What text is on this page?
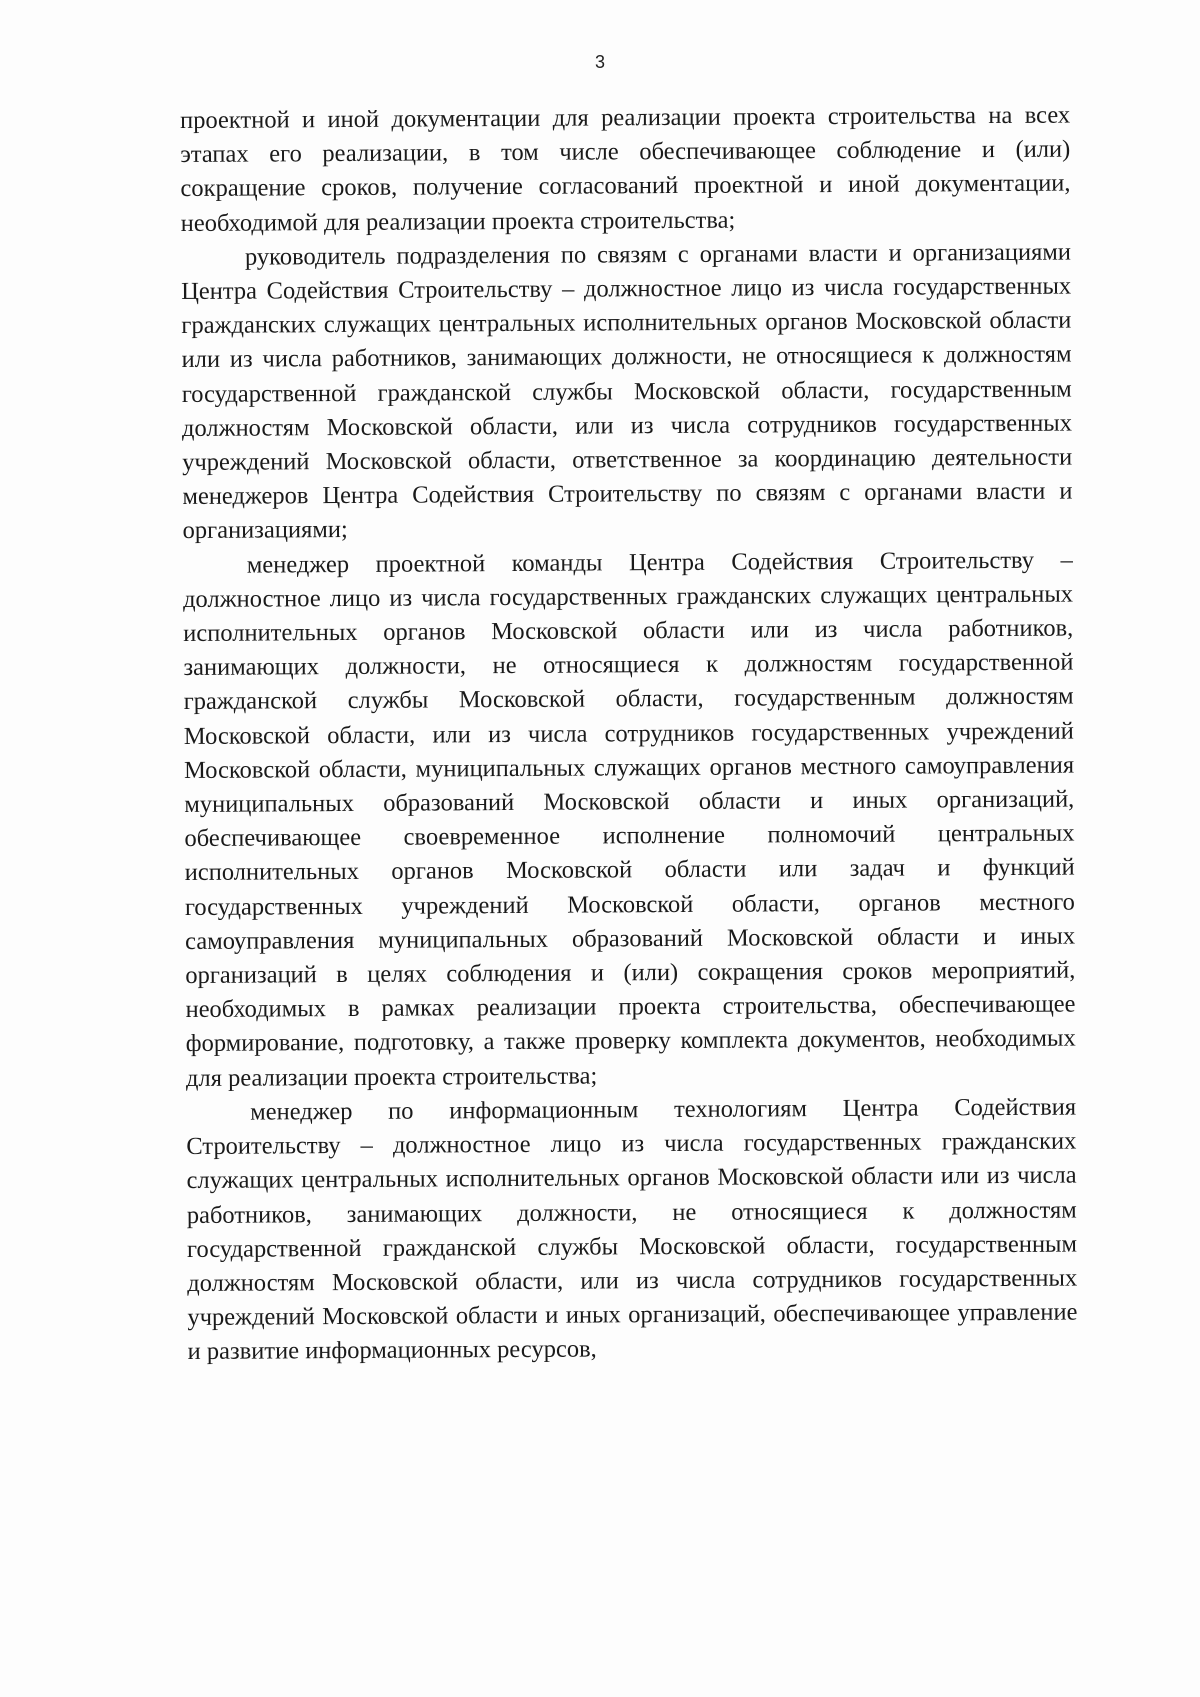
3

проектной и иной документации для реализации проекта строительства на всех этапах его реализации, в том числе обеспечивающее соблюдение и (или) сокращение сроков, получение согласований проектной и иной документации, необходимой для реализации проекта строительства;

руководитель подразделения по связям с органами власти и организациями Центра Содействия Строительству – должностное лицо из числа государственных гражданских служащих центральных исполнительных органов Московской области или из числа работников, занимающих должности, не относящиеся к должностям государственной гражданской службы Московской области, государственным должностям Московской области, или из числа сотрудников государственных учреждений Московской области, ответственное за координацию деятельности менеджеров Центра Содействия Строительству по связям с органами власти и организациями;

менеджер проектной команды Центра Содействия Строительству – должностное лицо из числа государственных гражданских служащих центральных исполнительных органов Московской области или из числа работников, занимающих должности, не относящиеся к должностям государственной гражданской службы Московской области, государственным должностям Московской области, или из числа сотрудников государственных учреждений Московской области, муниципальных служащих органов местного самоуправления муниципальных образований Московской области и иных организаций, обеспечивающее своевременное исполнение полномочий центральных исполнительных органов Московской области или задач и функций государственных учреждений Московской области, органов местного самоуправления муниципальных образований Московской области и иных организаций в целях соблюдения и (или) сокращения сроков мероприятий, необходимых в рамках реализации проекта строительства, обеспечивающее формирование, подготовку, а также проверку комплекта документов, необходимых для реализации проекта строительства;

менеджер по информационным технологиям Центра Содействия Строительству – должностное лицо из числа государственных гражданских служащих центральных исполнительных органов Московской области или из числа работников, занимающих должности, не относящиеся к должностям государственной гражданской службы Московской области, государственным должностям Московской области, или из числа сотрудников государственных учреждений Московской области и иных организаций, обеспечивающее управление и развитие информационных ресурсов,
